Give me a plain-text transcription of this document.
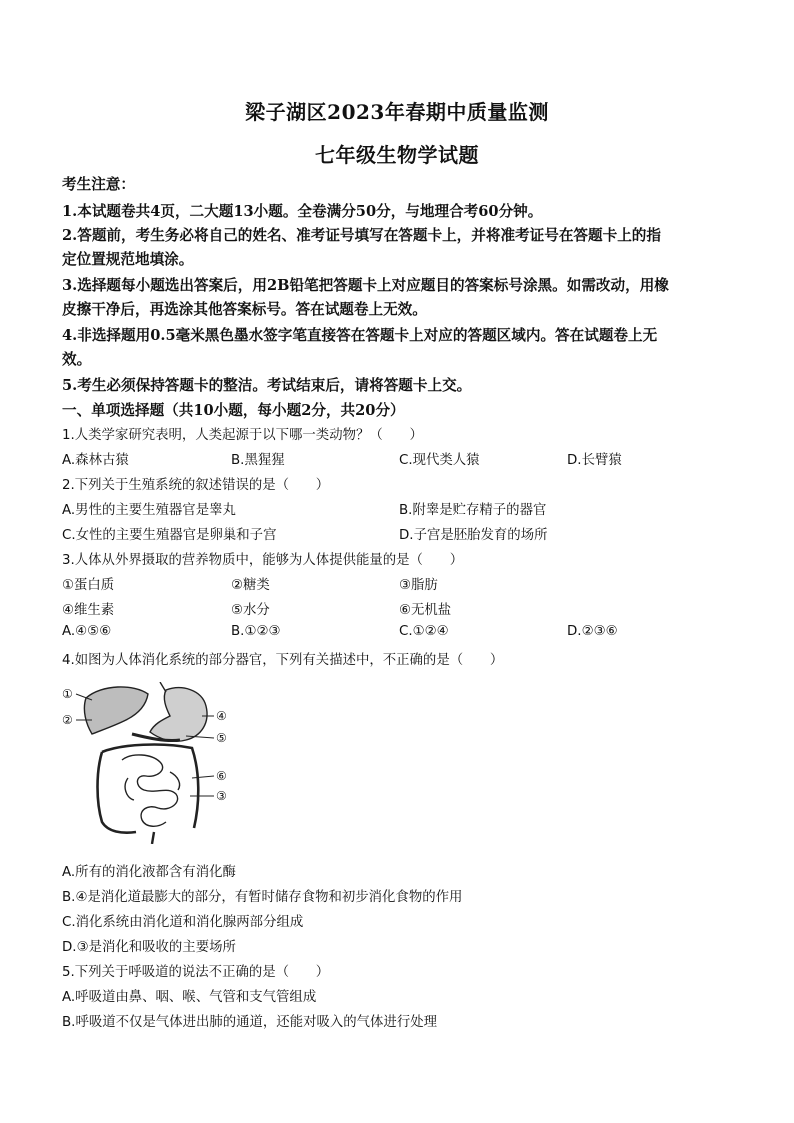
梁子湖区2023年春期中质量监测
七年级生物学试题
考生注意：
1.本试题卷共4页，二大题13小题。全卷满分50分，与地理合考60分钟。
2.答题前，考生务必将自己的姓名、准考证号填写在答题卡上，并将准考证号在答题卡上的指
定位置规范地填涂。
3.选择题每小题选出答案后，用2B铅笔把答题卡上对应题目的答案标号涂黑。如需改动，用橡
皮擦干净后，再选涂其他答案标号。答在试题卷上无效。
4.非选择题用0.5毫米黑色墨水签字笔直接答在答题卡上对应的答题区域内。答在试题卷上无
效。
5.考生必须保持答题卡的整洁。考试结束后，请将答题卡上交。
一、单项选择题（共10小题，每小题2分，共20分）
1.人类学家研究表明，人类起源于以下哪一类动物？（　　）
A.森林古猿	B.黑猩猩	C.现代类人猿	D.长臂猿
2.下列关于生殖系统的叙述错误的是（　　）
A.男性的主要生殖器官是睾丸	B.附睾是贮存精子的器官
C.女性的主要生殖器官是卵巢和子宫	D.子宫是胚胎发育的场所
3.人体从外界摄取的营养物质中，能够为人体提供能量的是（　　）
①蛋白质	②糖类	③脂肪
④维生素	⑤水分	⑥无机盐
A.④⑤⑥	B.①②③	C.①②④	D.②③⑥
4.如图为人体消化系统的部分器官，下列有关描述中，不正确的是（　　）
①
②	④
⑤
⑥
③
A.所有的消化液都含有消化酶
B.④是消化道最膨大的部分，有暂时储存食物和初步消化食物的作用
C.消化系统由消化道和消化腺两部分组成
D.③是消化和吸收的主要场所
5.下列关于呼吸道的说法不正确的是（　　）
A.呼吸道由鼻、咽、喉、气管和支气管组成
B.呼吸道不仅是气体进出肺的通道，还能对吸入的气体进行处理
